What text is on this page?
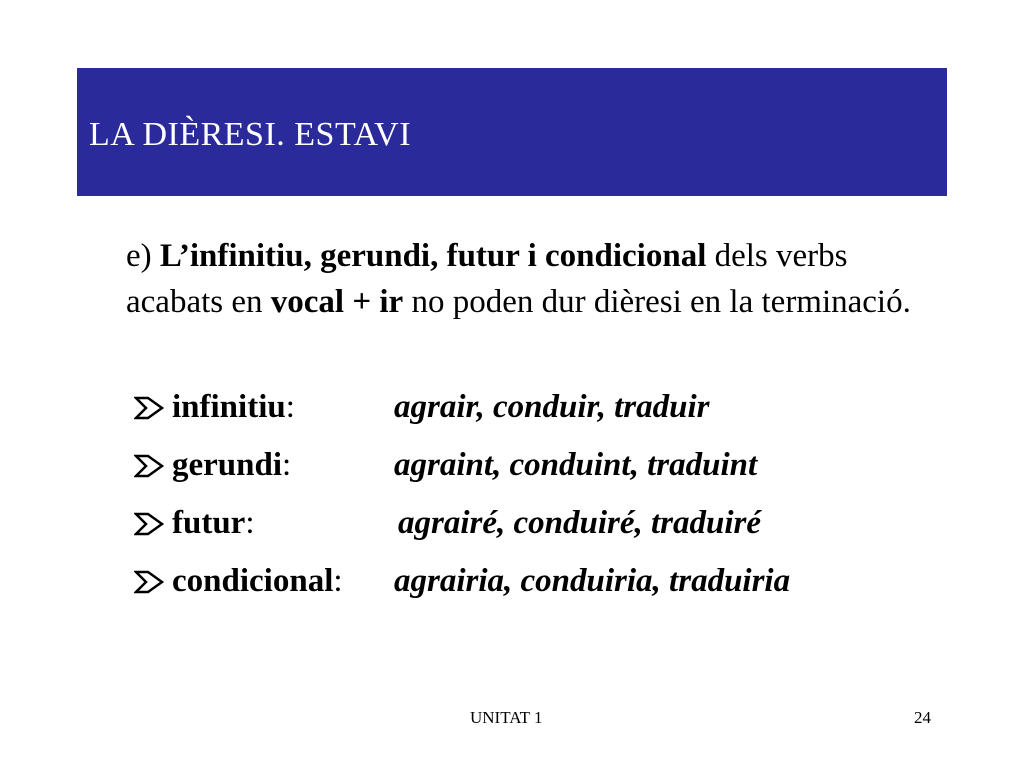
LA DIÈRESI. ESTAVI
e) L’infinitiu, gerundi, futur i condicional dels verbs acabats en vocal + ir no poden dur dièresi en la terminació.
infinitiu:	agrair, conduir, traduir
gerundi:	agraint, conduint, traduint
futur:	agrairé, conduiré, traduiré
condicional: agrairia, conduiria, traduiria
UNITAT 1	24
